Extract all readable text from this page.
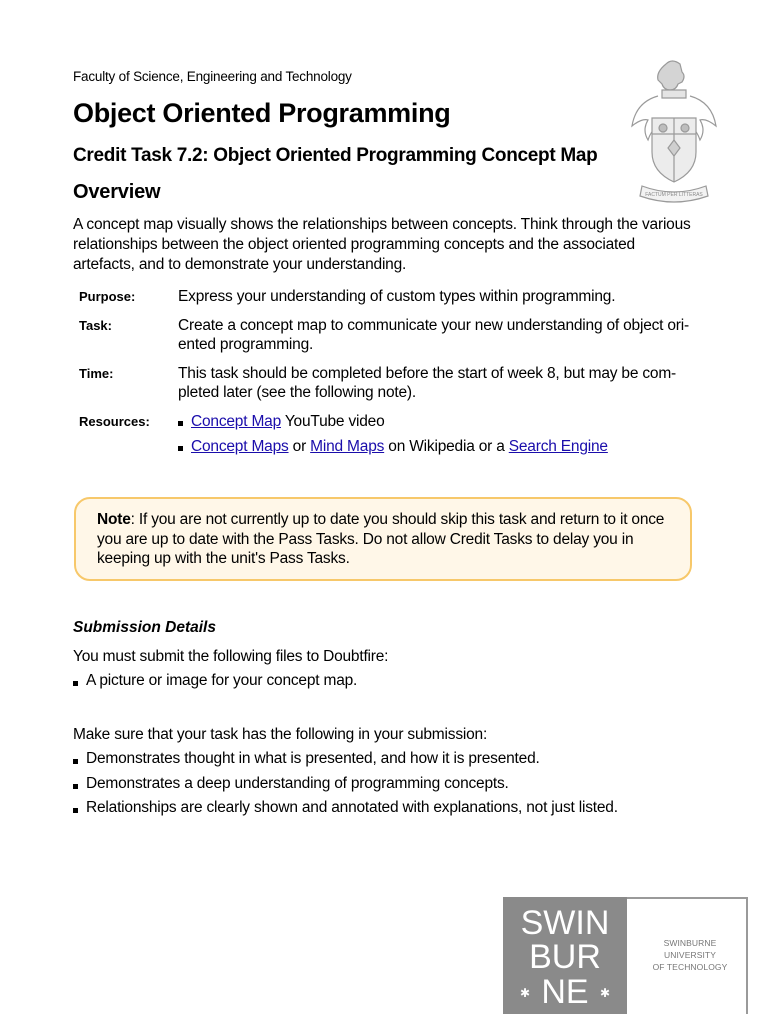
Faculty of Science, Engineering and Technology
Object Oriented Programming
Credit Task 7.2: Object Oriented Programming Concept Map
FACTUM PER LITTERAS
Overview

A concept map visually shows the relationships between concepts. Think through the various relationships between the object oriented programming concepts and the associated artefacts, and to demonstrate your understanding.

Purpose:	Express your understanding of custom types within programming.
Task:	Create a concept map to communicate your new understanding of object ori-
ented programming.
Time:	This task should be completed before the start of week 8, but may be com-
pleted later (see the following note).
Resources:	Concept Map YouTube video
Concept Maps or Mind Maps on Wikipedia or a Search Engine
Note: If you are not currently up to date you should skip this task and return to it once you are up to date with the Pass Tasks. Do not allow Credit Tasks to delay you in keeping up with the unit's Pass Tasks.
Submission Details

You must submit the following files to Doubtfire:

A picture or image for your concept map.

Make sure that your task has the following in your submission:

Demonstrates thought in what is presented, and how it is presented.
Demonstrates a deep understanding of programming concepts.
Relationships are clearly shown and annotated with explanations, not just listed.
SWIN
BUR
NE
✱	✱
SWINBURNE UNIVERSITY
OF TECHNOLOGY
